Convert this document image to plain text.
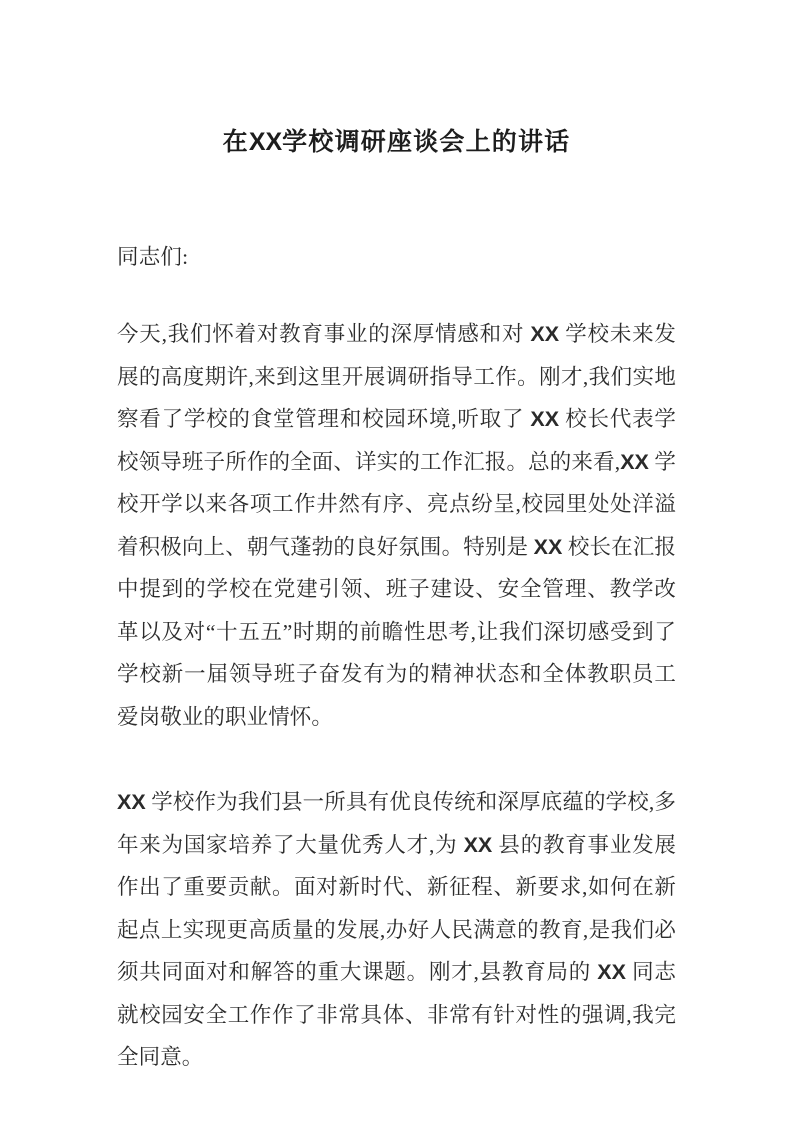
在XX学校调研座谈会上的讲话
同志们:

今天,我们怀着对教育事业的深厚情感和对 XX 学校未来发展的高度期许,来到这里开展调研指导工作。刚才,我们实地察看了学校的食堂管理和校园环境,听取了 XX 校长代表学校领导班子所作的全面、详实的工作汇报。总的来看,XX 学校开学以来各项工作井然有序、亮点纷呈,校园里处处洋溢着积极向上、朝气蓬勃的良好氛围。特别是 XX 校长在汇报中提到的学校在党建引领、班子建设、安全管理、教学改革以及对“十五五”时期的前瞻性思考,让我们深切感受到了学校新一届领导班子奋发有为的精神状态和全体教职员工爱岗敬业的职业情怀。

XX 学校作为我们县一所具有优良传统和深厚底蕴的学校,多年来为国家培养了大量优秀人才,为 XX 县的教育事业发展作出了重要贡献。面对新时代、新征程、新要求,如何在新起点上实现更高质量的发展,办好人民满意的教育,是我们必须共同面对和解答的重大课题。刚才,县教育局的 XX 同志就校园安全工作作了非常具体、非常有针对性的强调,我完全同意。
